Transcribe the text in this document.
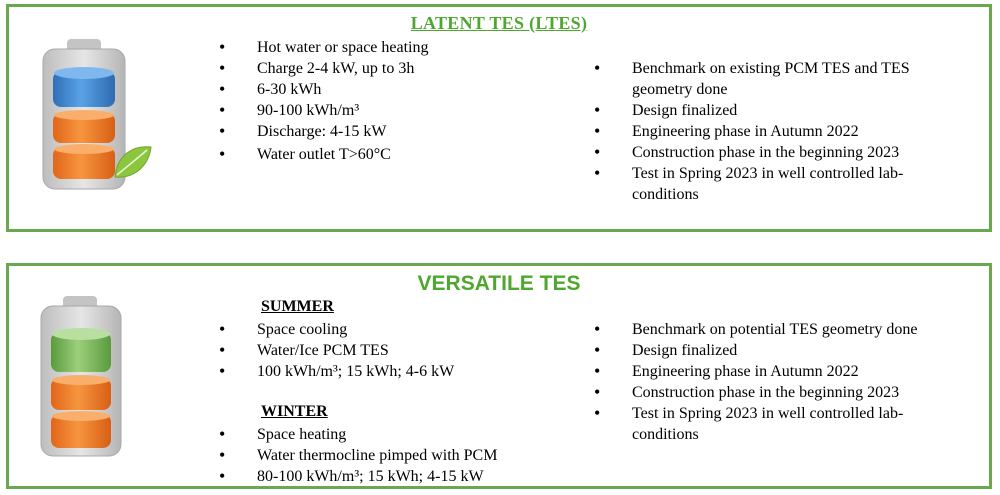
LATENT TES (LTES)
• Hot water or space heating
• Charge 2-4 kW, up to 3h
• 6-30 kWh
• 90-100 kWh/m³
• Discharge: 4-15 kW
• Water outlet T>60°C
• Benchmark on existing PCM TES and TES geometry done
• Design finalized
• Engineering phase in Autumn 2022
• Construction phase in the beginning 2023
• Test in Spring 2023 in well controlled lab-conditions
VERSATILE TES
SUMMER
• Space cooling
• Water/Ice PCM TES
• 100 kWh/m³; 15 kWh; 4-6 kW
WINTER
• Space heating
• Water thermocline pimped with PCM
• 80-100 kWh/m³; 15 kWh; 4-15 kW
• Benchmark on potential TES geometry done
• Design finalized
• Engineering phase in Autumn 2022
• Construction phase in the beginning 2023
• Test in Spring 2023 in well controlled lab-conditions
